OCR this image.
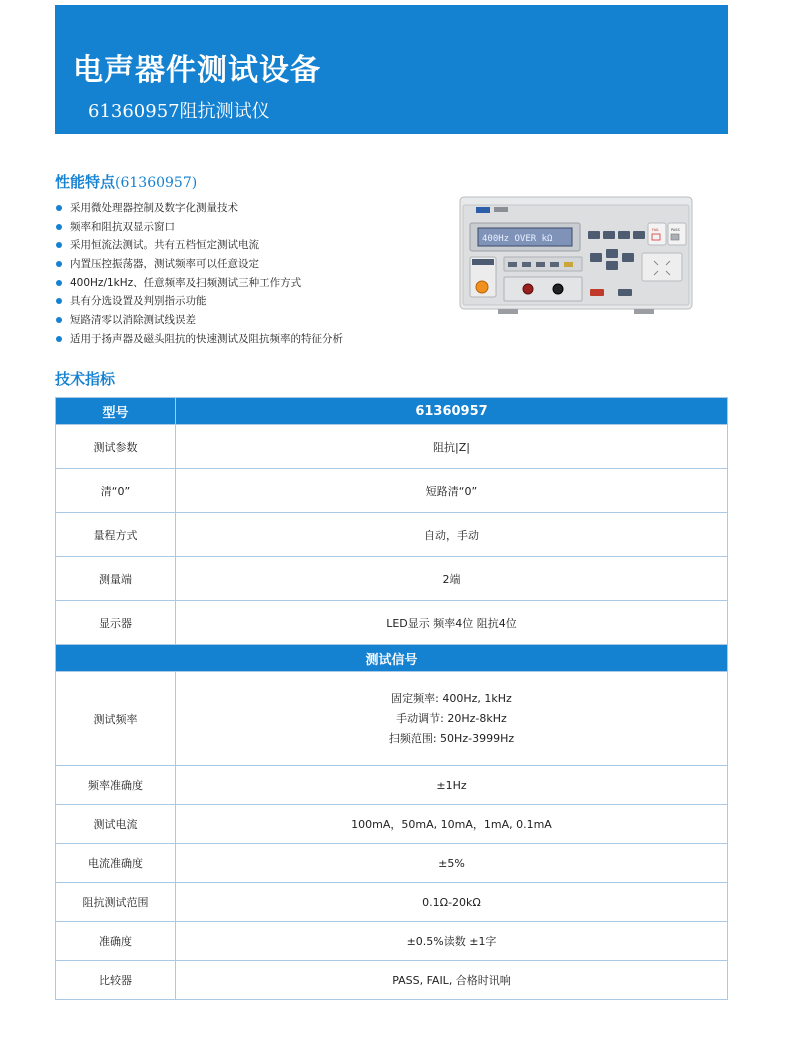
电声器件测试设备
61360957阻抗测试仪
性能特点(61360957)
采用微处理器控制及数字化测量技术
频率和阻抗双显示窗口
采用恒流法测试。共有五档恒定测试电流
内置压控振荡器，测试频率可以任意设定
400Hz/1kHz、任意频率及扫频测试三种工作方式
具有分选设置及判别指示功能
短路清零以消除测试线误差
适用于扬声器及磁头阻抗的快速测试及阻抗频率的特征分析
400Hz OVER kΩ
FAIL	PASS
技术指标
型号	61360957
测试参数	阻抗|Z|
清“0”	短路清“0”
量程方式	自动，手动
测量端	2端
显示器	LED显示 频率4位 阻抗4位
测试信号	
测试频率	固定频率: 400Hz, 1kHz
手动调节: 20Hz-8kHz
扫频范围: 50Hz-3999Hz

频率准确度	±1Hz
测试电流	100mA，50mA, 10mA，1mA, 0.1mA
电流准确度	±5%
阻抗测试范围	0.1Ω-20kΩ
准确度	±0.5%读数 ±1字
比较器	PASS, FAIL, 合格时讯响
